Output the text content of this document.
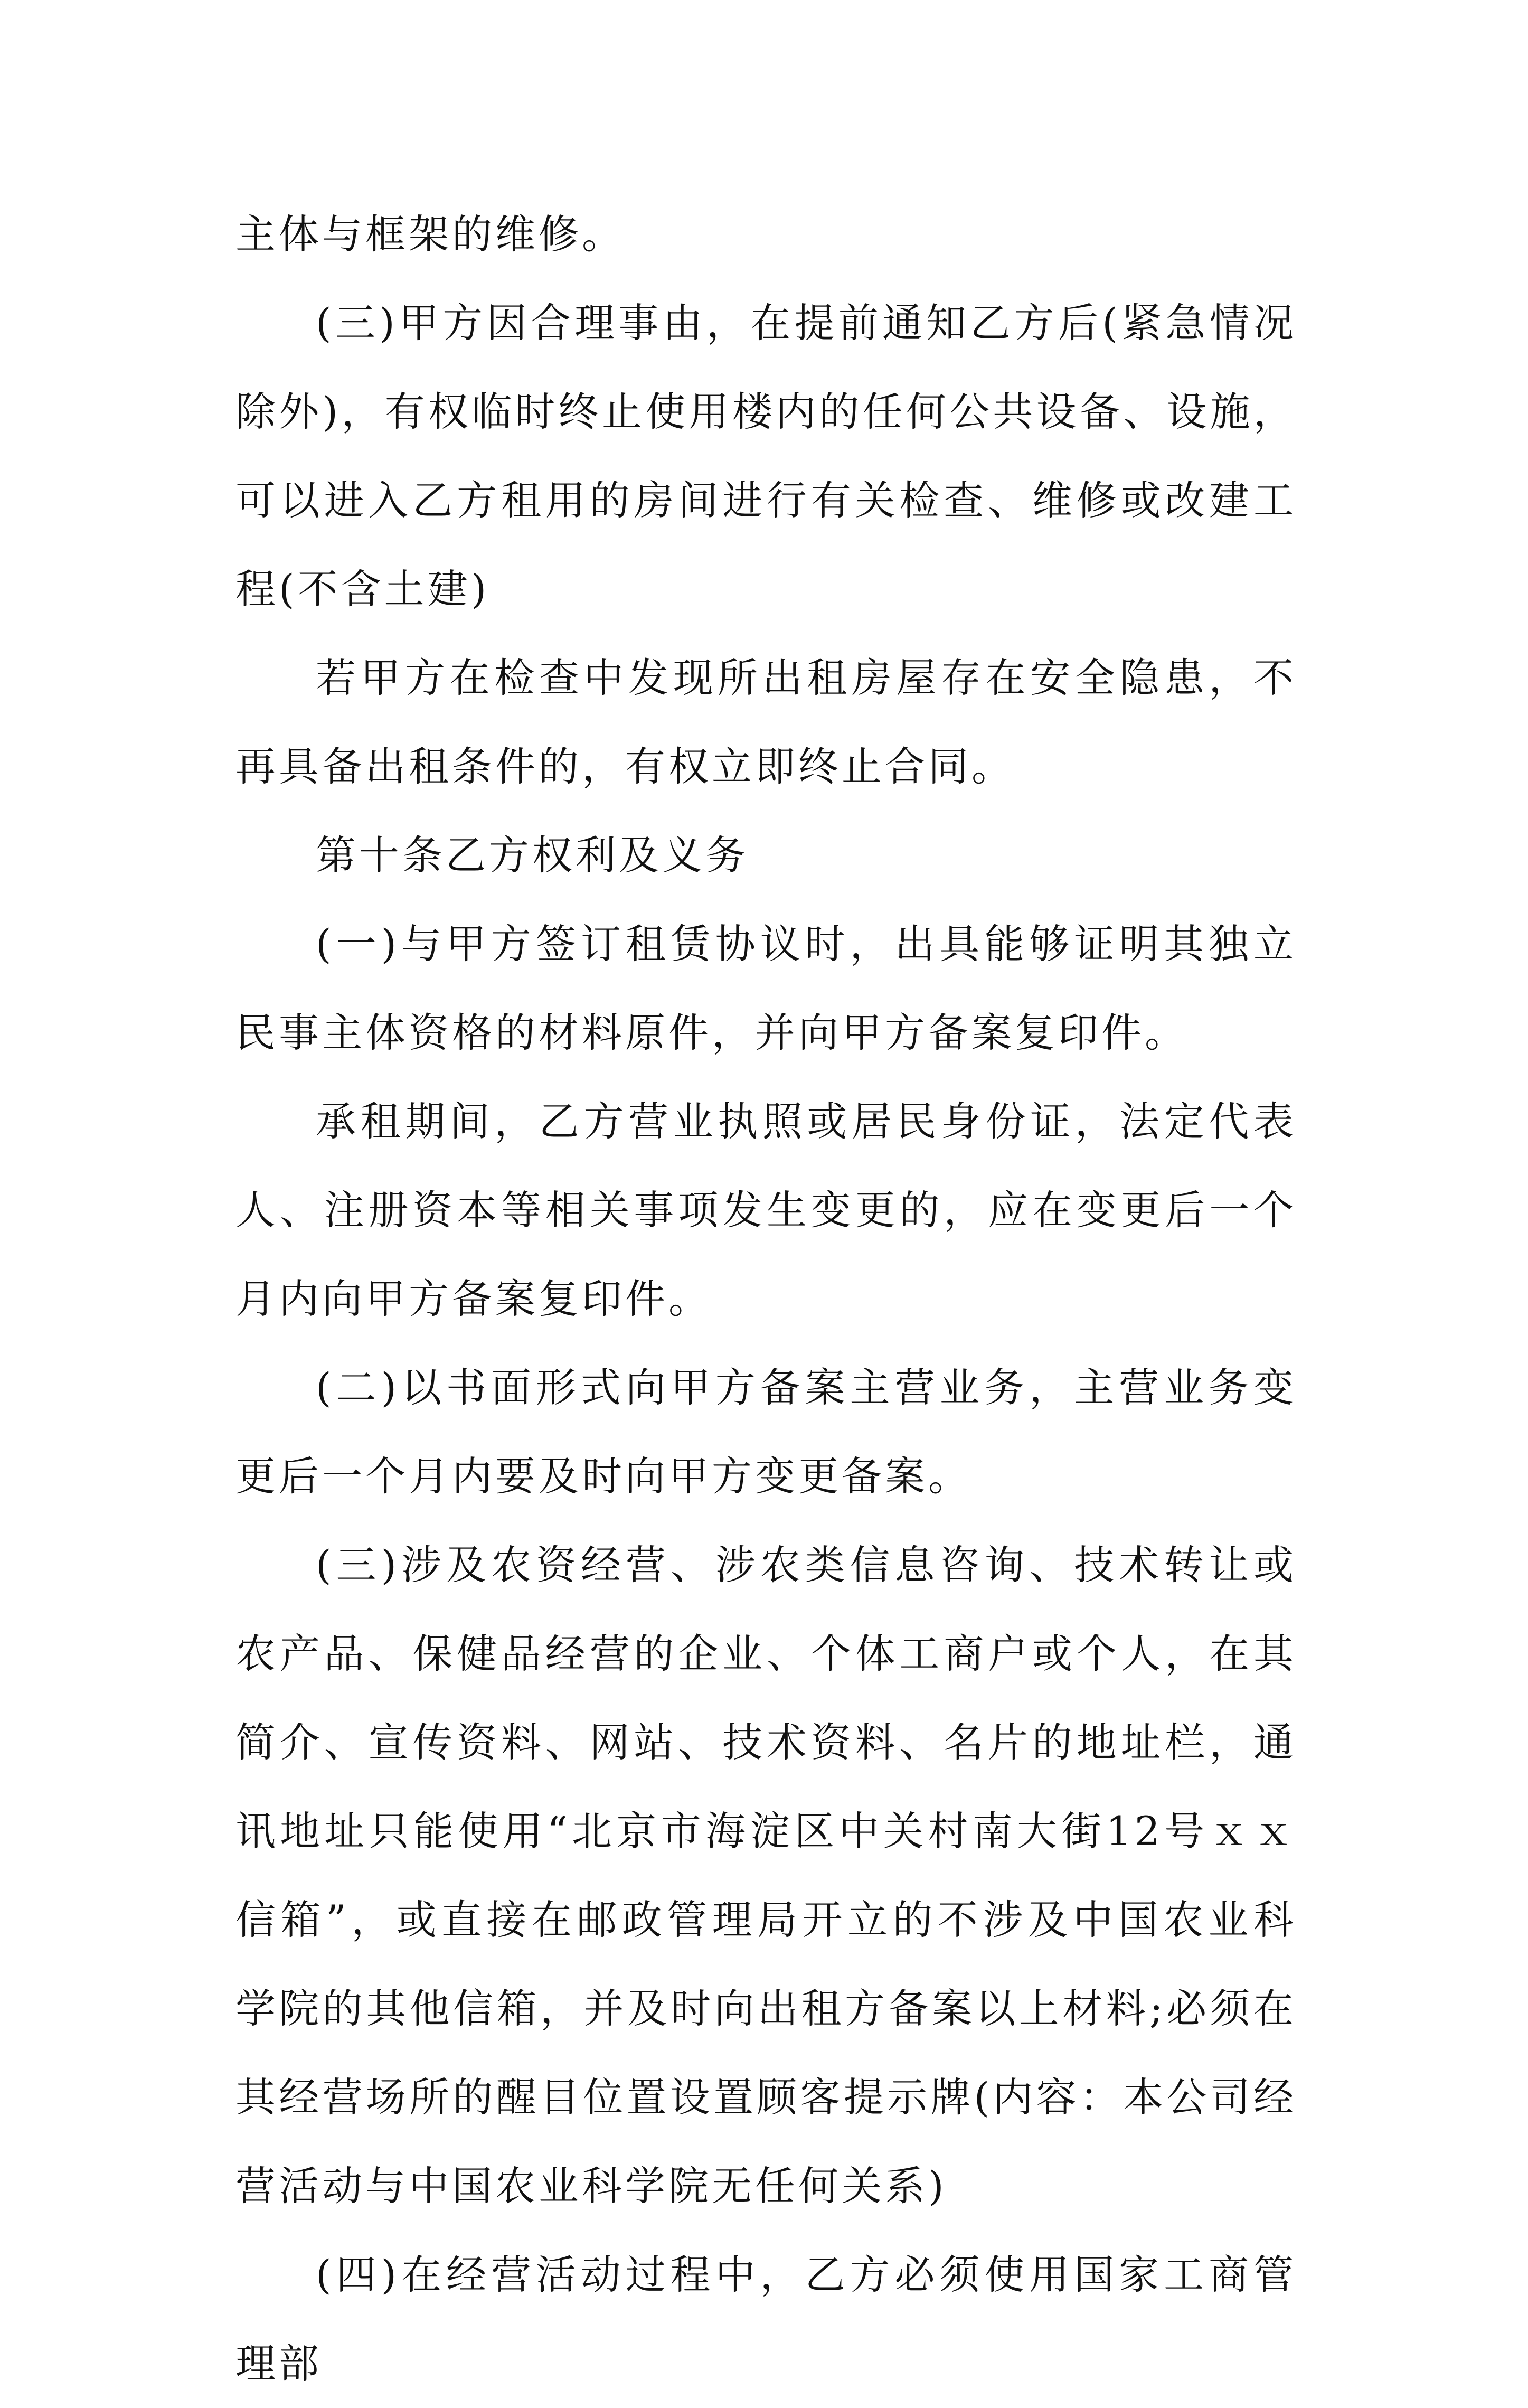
主体与框架的维修。

(三)甲方因合理事由，在提前通知乙方后(紧急情况除外)，有权临时终止使用楼内的任何公共设备、设施，可以进入乙方租用的房间进行有关检查、维修或改建工程(不含土建)

若甲方在检查中发现所出租房屋存在安全隐患，不再具备出租条件的，有权立即终止合同。

第十条乙方权利及义务

(一)与甲方签订租赁协议时，出具能够证明其独立民事主体资格的材料原件，并向甲方备案复印件。

承租期间，乙方营业执照或居民身份证，法定代表人、注册资本等相关事项发生变更的，应在变更后一个月内向甲方备案复印件。

(二)以书面形式向甲方备案主营业务，主营业务变更后一个月内要及时向甲方变更备案。

(三)涉及农资经营、涉农类信息咨询、技术转让或农产品、保健品经营的企业、个体工商户或个人，在其简介、宣传资料、网站、技术资料、名片的地址栏，通讯地址只能使用“北京市海淀区中关村南大街12号ｘｘ信箱”，或直接在邮政管理局开立的不涉及中国农业科学院的其他信箱，并及时向出租方备案以上材料;必须在其经营场所的醒目位置设置顾客提示牌(内容：本公司经营活动与中国农业科学院无任何关系)

(四)在经营活动过程中，乙方必须使用国家工商管理部
